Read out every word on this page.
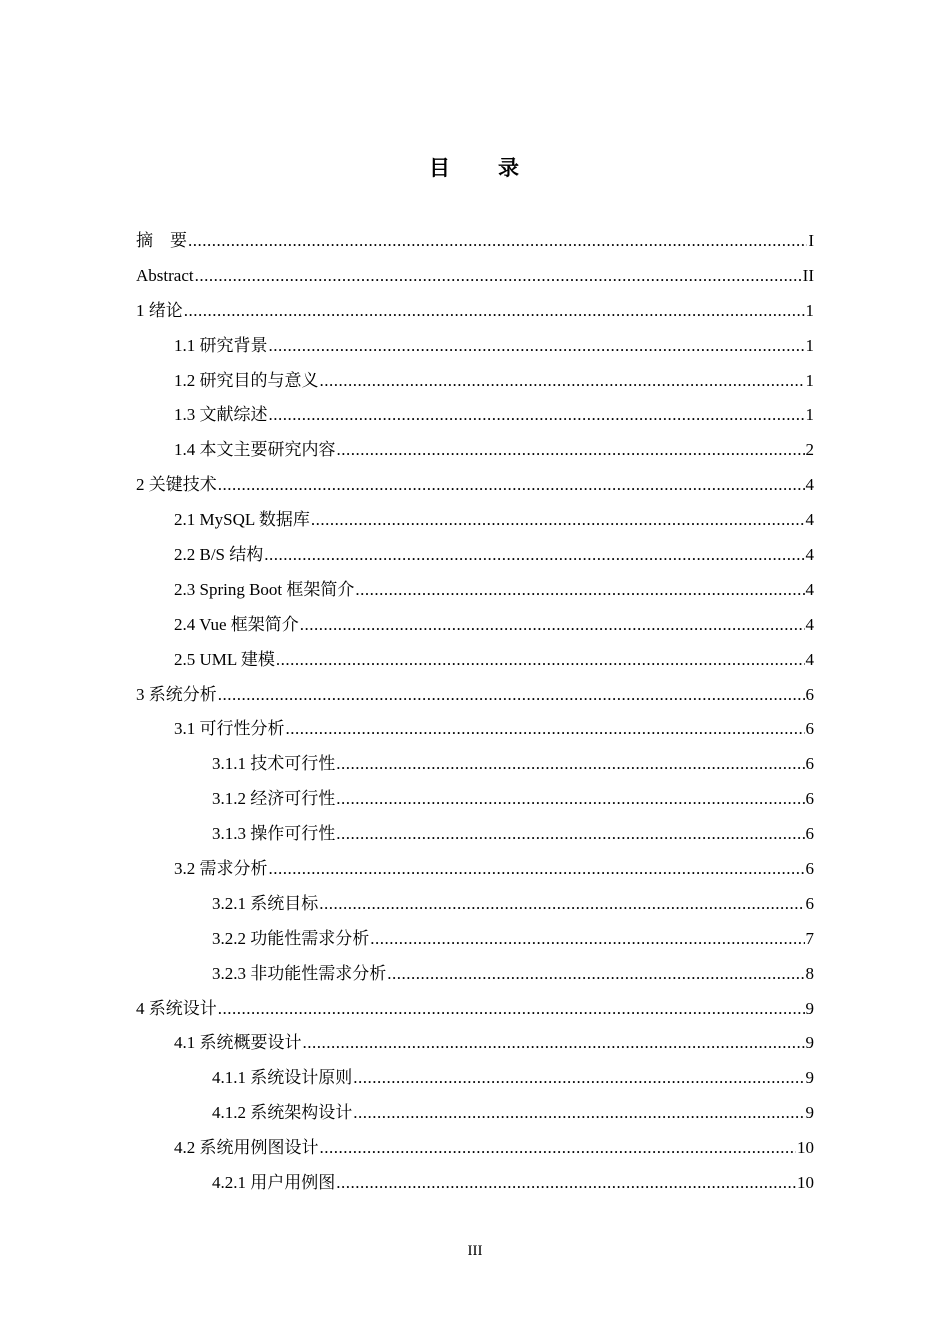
目　　录
摘　要 .....	I
Abstract .....	II
1 绪论 .....	1
1.1 研究背景 .....	1
1.2 研究目的与意义 .....	1
1.3 文献综述 .....	1
1.4 本文主要研究内容 .....	2
2 关键技术 .....	4
2.1 MySQL 数据库 .....	4
2.2 B/S 结构 .....	4
2.3 Spring Boot 框架简介 .....	4
2.4 Vue 框架简介 .....	4
2.5 UML 建模 .....	4
3 系统分析 .....	6
3.1 可行性分析 .....	6
3.1.1 技术可行性 .....	6
3.1.2 经济可行性 .....	6
3.1.3 操作可行性 .....	6
3.2 需求分析 .....	6
3.2.1 系统目标 .....	6
3.2.2 功能性需求分析 .....	7
3.2.3 非功能性需求分析 .....	8
4 系统设计 .....	9
4.1 系统概要设计 .....	9
4.1.1 系统设计原则 .....	9
4.1.2 系统架构设计 .....	9
4.2 系统用例图设计 .....	10
4.2.1 用户用例图 .....	10
III
